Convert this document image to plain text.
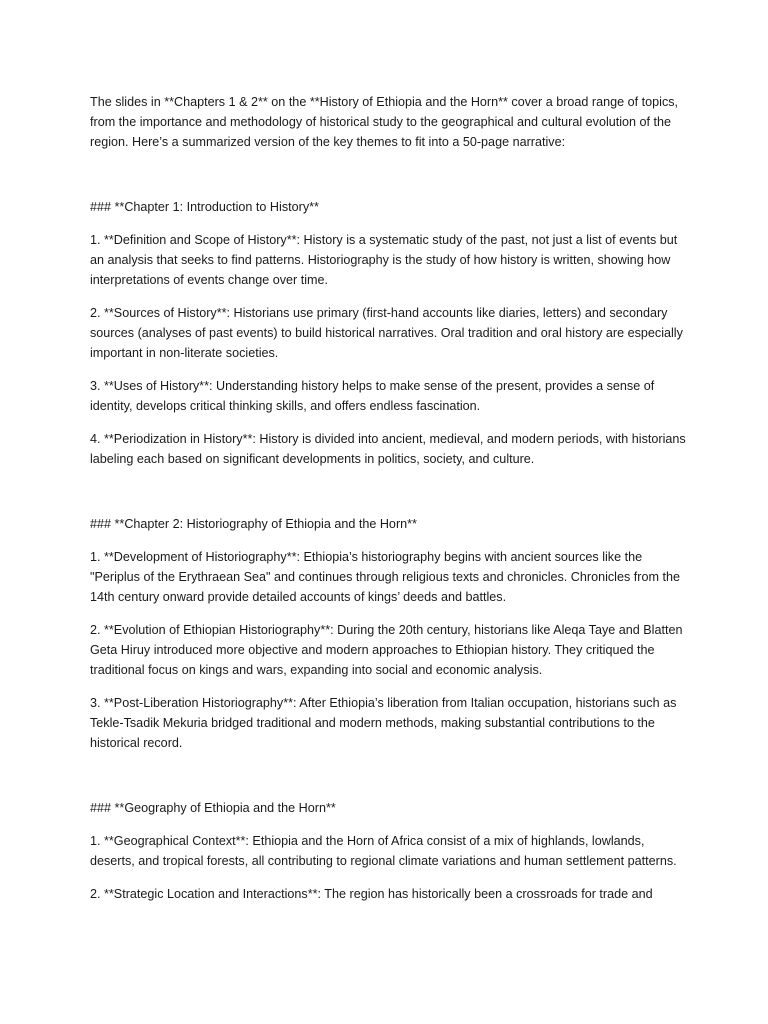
The slides in **Chapters 1 & 2** on the **History of Ethiopia and the Horn** cover a broad range of topics, from the importance and methodology of historical study to the geographical and cultural evolution of the region. Here’s a summarized version of the key themes to fit into a 50-page narrative:

### **Chapter 1: Introduction to History**

1. **Definition and Scope of History**: History is a systematic study of the past, not just a list of events but an analysis that seeks to find patterns. Historiography is the study of how history is written, showing how interpretations of events change over time.

2. **Sources of History**: Historians use primary (first-hand accounts like diaries, letters) and secondary sources (analyses of past events) to build historical narratives. Oral tradition and oral history are especially important in non-literate societies.

3. **Uses of History**: Understanding history helps to make sense of the present, provides a sense of identity, develops critical thinking skills, and offers endless fascination.

4. **Periodization in History**: History is divided into ancient, medieval, and modern periods, with historians labeling each based on significant developments in politics, society, and culture.

### **Chapter 2: Historiography of Ethiopia and the Horn**

1. **Development of Historiography**: Ethiopia’s historiography begins with ancient sources like the "Periplus of the Erythraean Sea" and continues through religious texts and chronicles. Chronicles from the 14th century onward provide detailed accounts of kings’ deeds and battles.

2. **Evolution of Ethiopian Historiography**: During the 20th century, historians like Aleqa Taye and Blatten Geta Hiruy introduced more objective and modern approaches to Ethiopian history. They critiqued the traditional focus on kings and wars, expanding into social and economic analysis.

3. **Post-Liberation Historiography**: After Ethiopia’s liberation from Italian occupation, historians such as Tekle-Tsadik Mekuria bridged traditional and modern methods, making substantial contributions to the historical record.

### **Geography of Ethiopia and the Horn**

1. **Geographical Context**: Ethiopia and the Horn of Africa consist of a mix of highlands, lowlands, deserts, and tropical forests, all contributing to regional climate variations and human settlement patterns.

2. **Strategic Location and Interactions**: The region has historically been a crossroads for trade and
